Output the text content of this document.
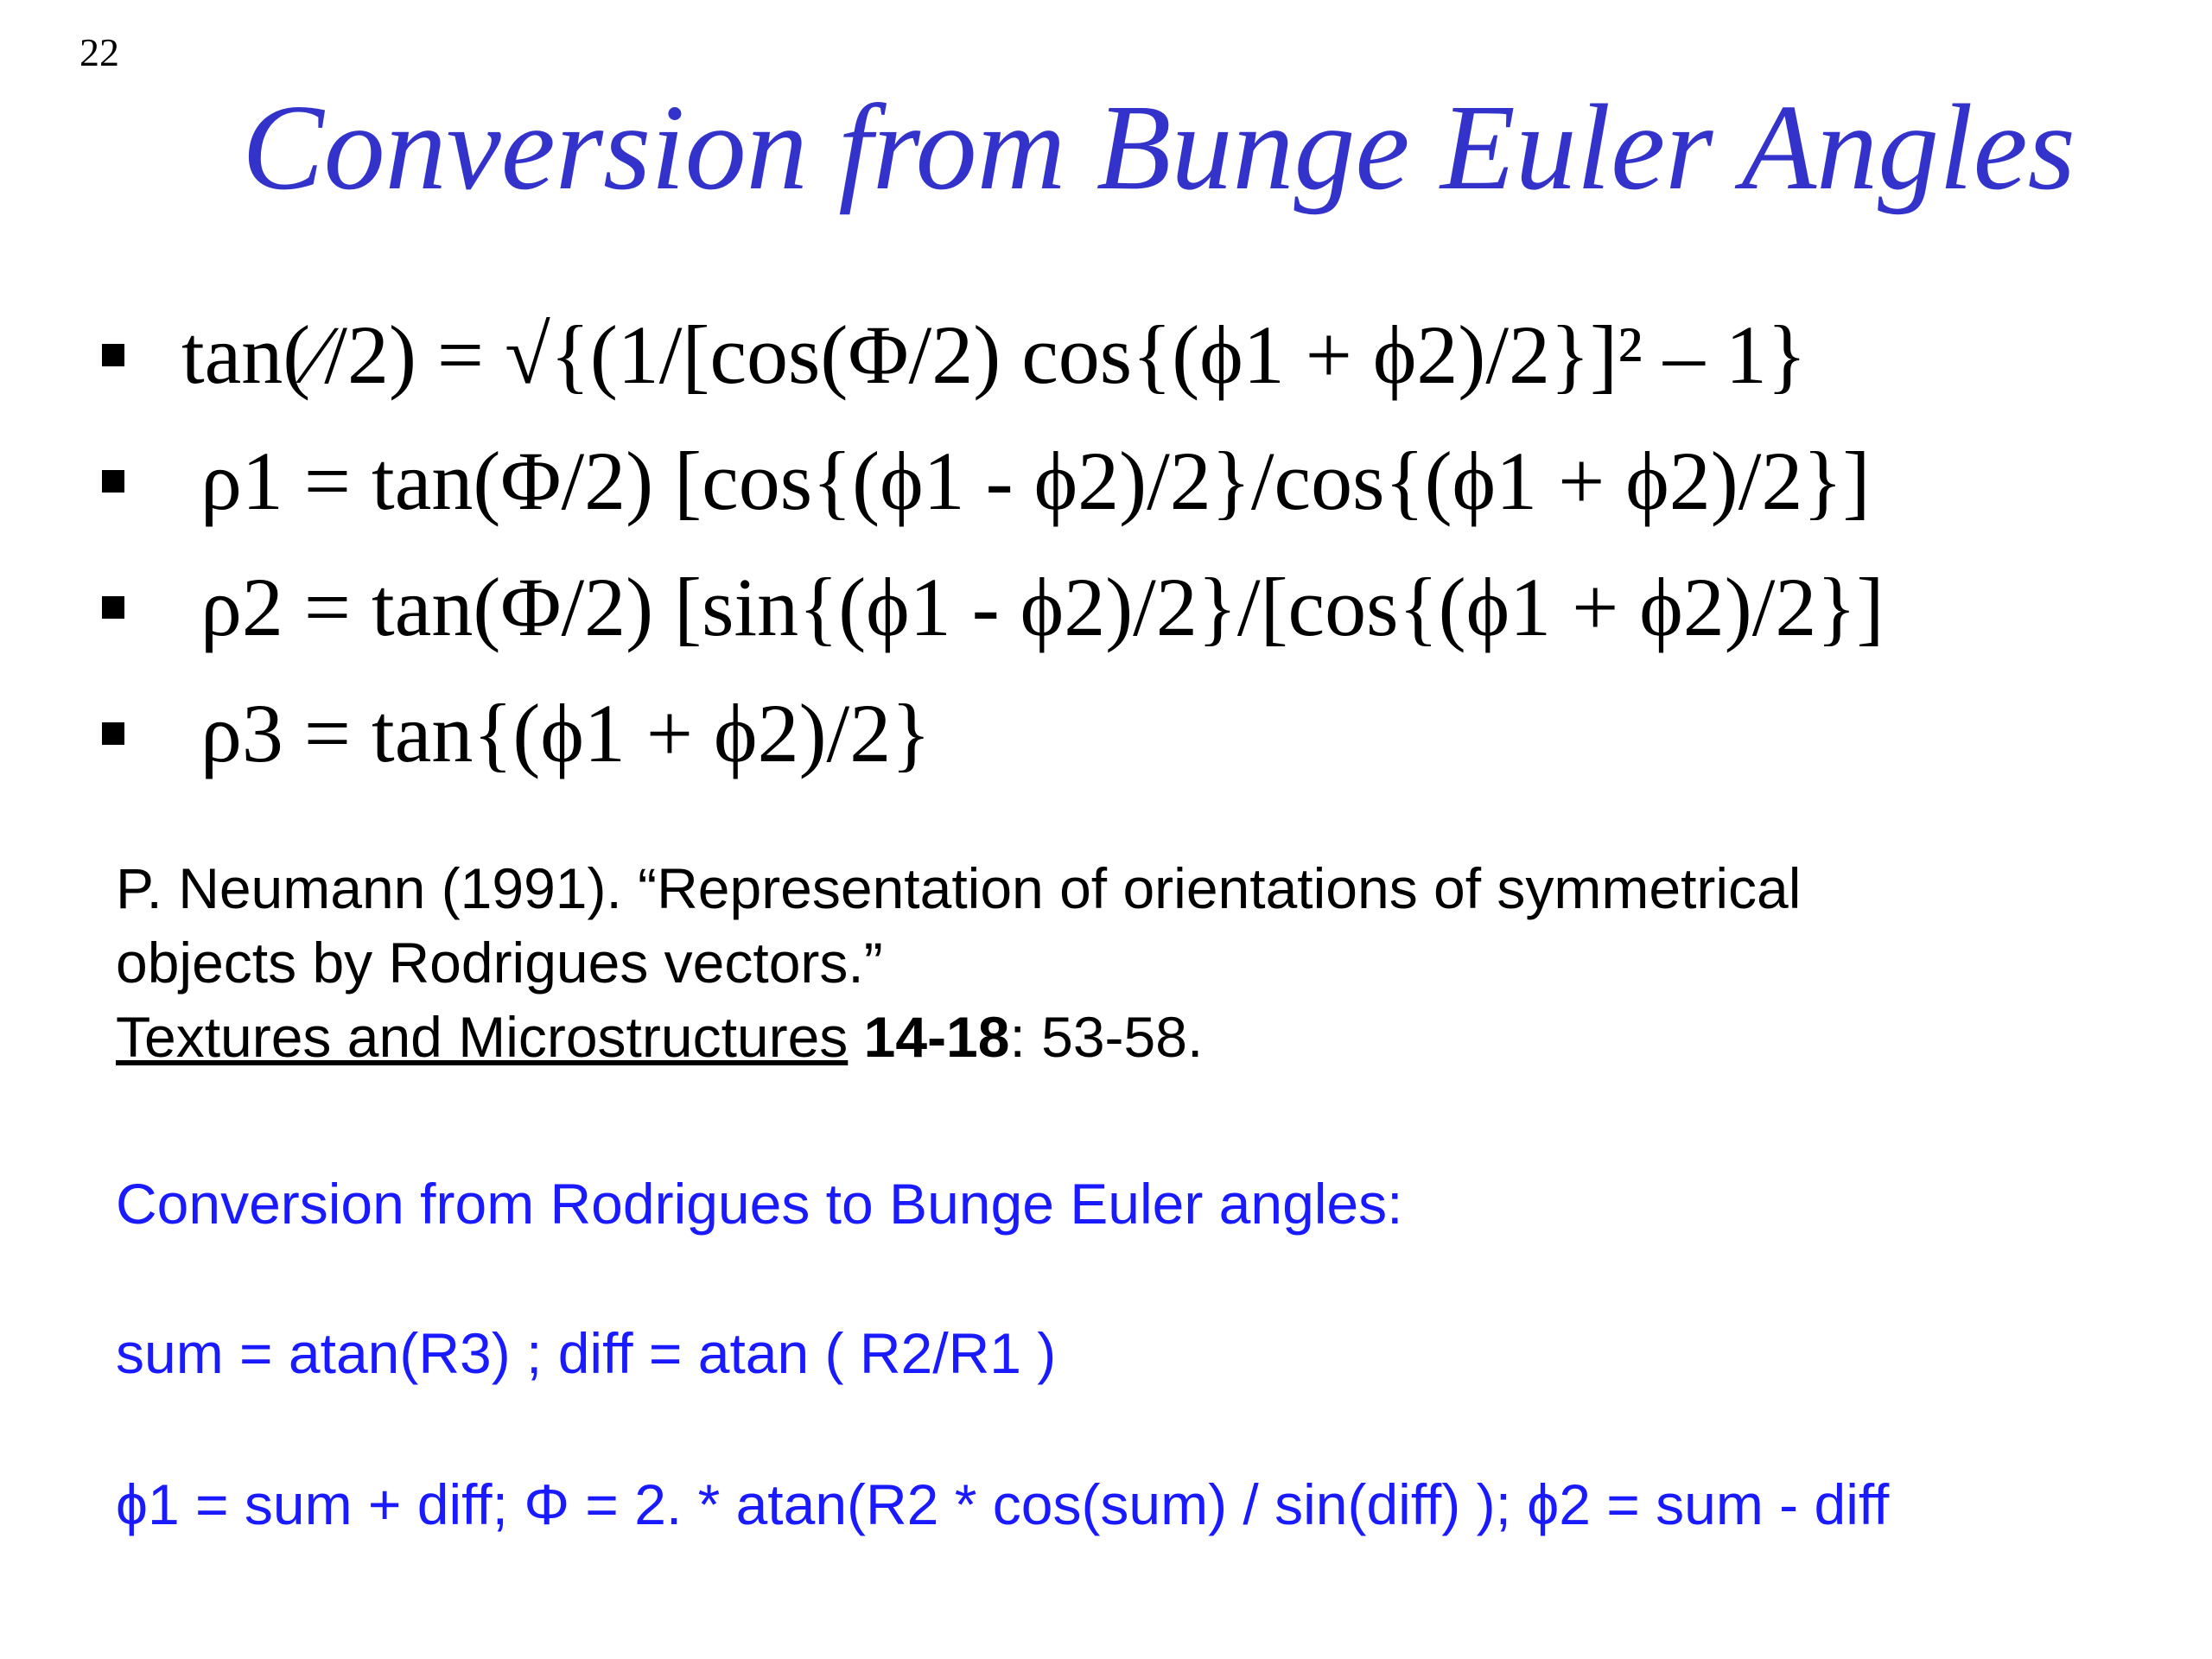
22
Conversion from Bunge Euler Angles
tan(⁄/2) = √{(1/[cos(Φ/2) cos{(ϕ1 + ϕ2)/2}]² – 1}
ρ1 = tan(Φ/2) [cos{(ϕ1 - ϕ2)/2}/cos{(ϕ1 + ϕ2)/2}]
ρ2 = tan(Φ/2) [sin{(ϕ1 - ϕ2)/2}/[cos{(ϕ1 + ϕ2)/2}]
ρ3 = tan{(ϕ1 + ϕ2)/2}
P. Neumann (1991). “Representation of orientations of symmetrical
objects by Rodrigues vectors.”
Textures and Microstructures 14-18: 53-58.
Conversion from Rodrigues to Bunge Euler angles:
sum = atan(R3) ; diff = atan ( R2/R1 )
ϕ1 = sum + diff; Φ = 2. * atan(R2 * cos(sum) / sin(diff) ); ϕ2 = sum - diff
